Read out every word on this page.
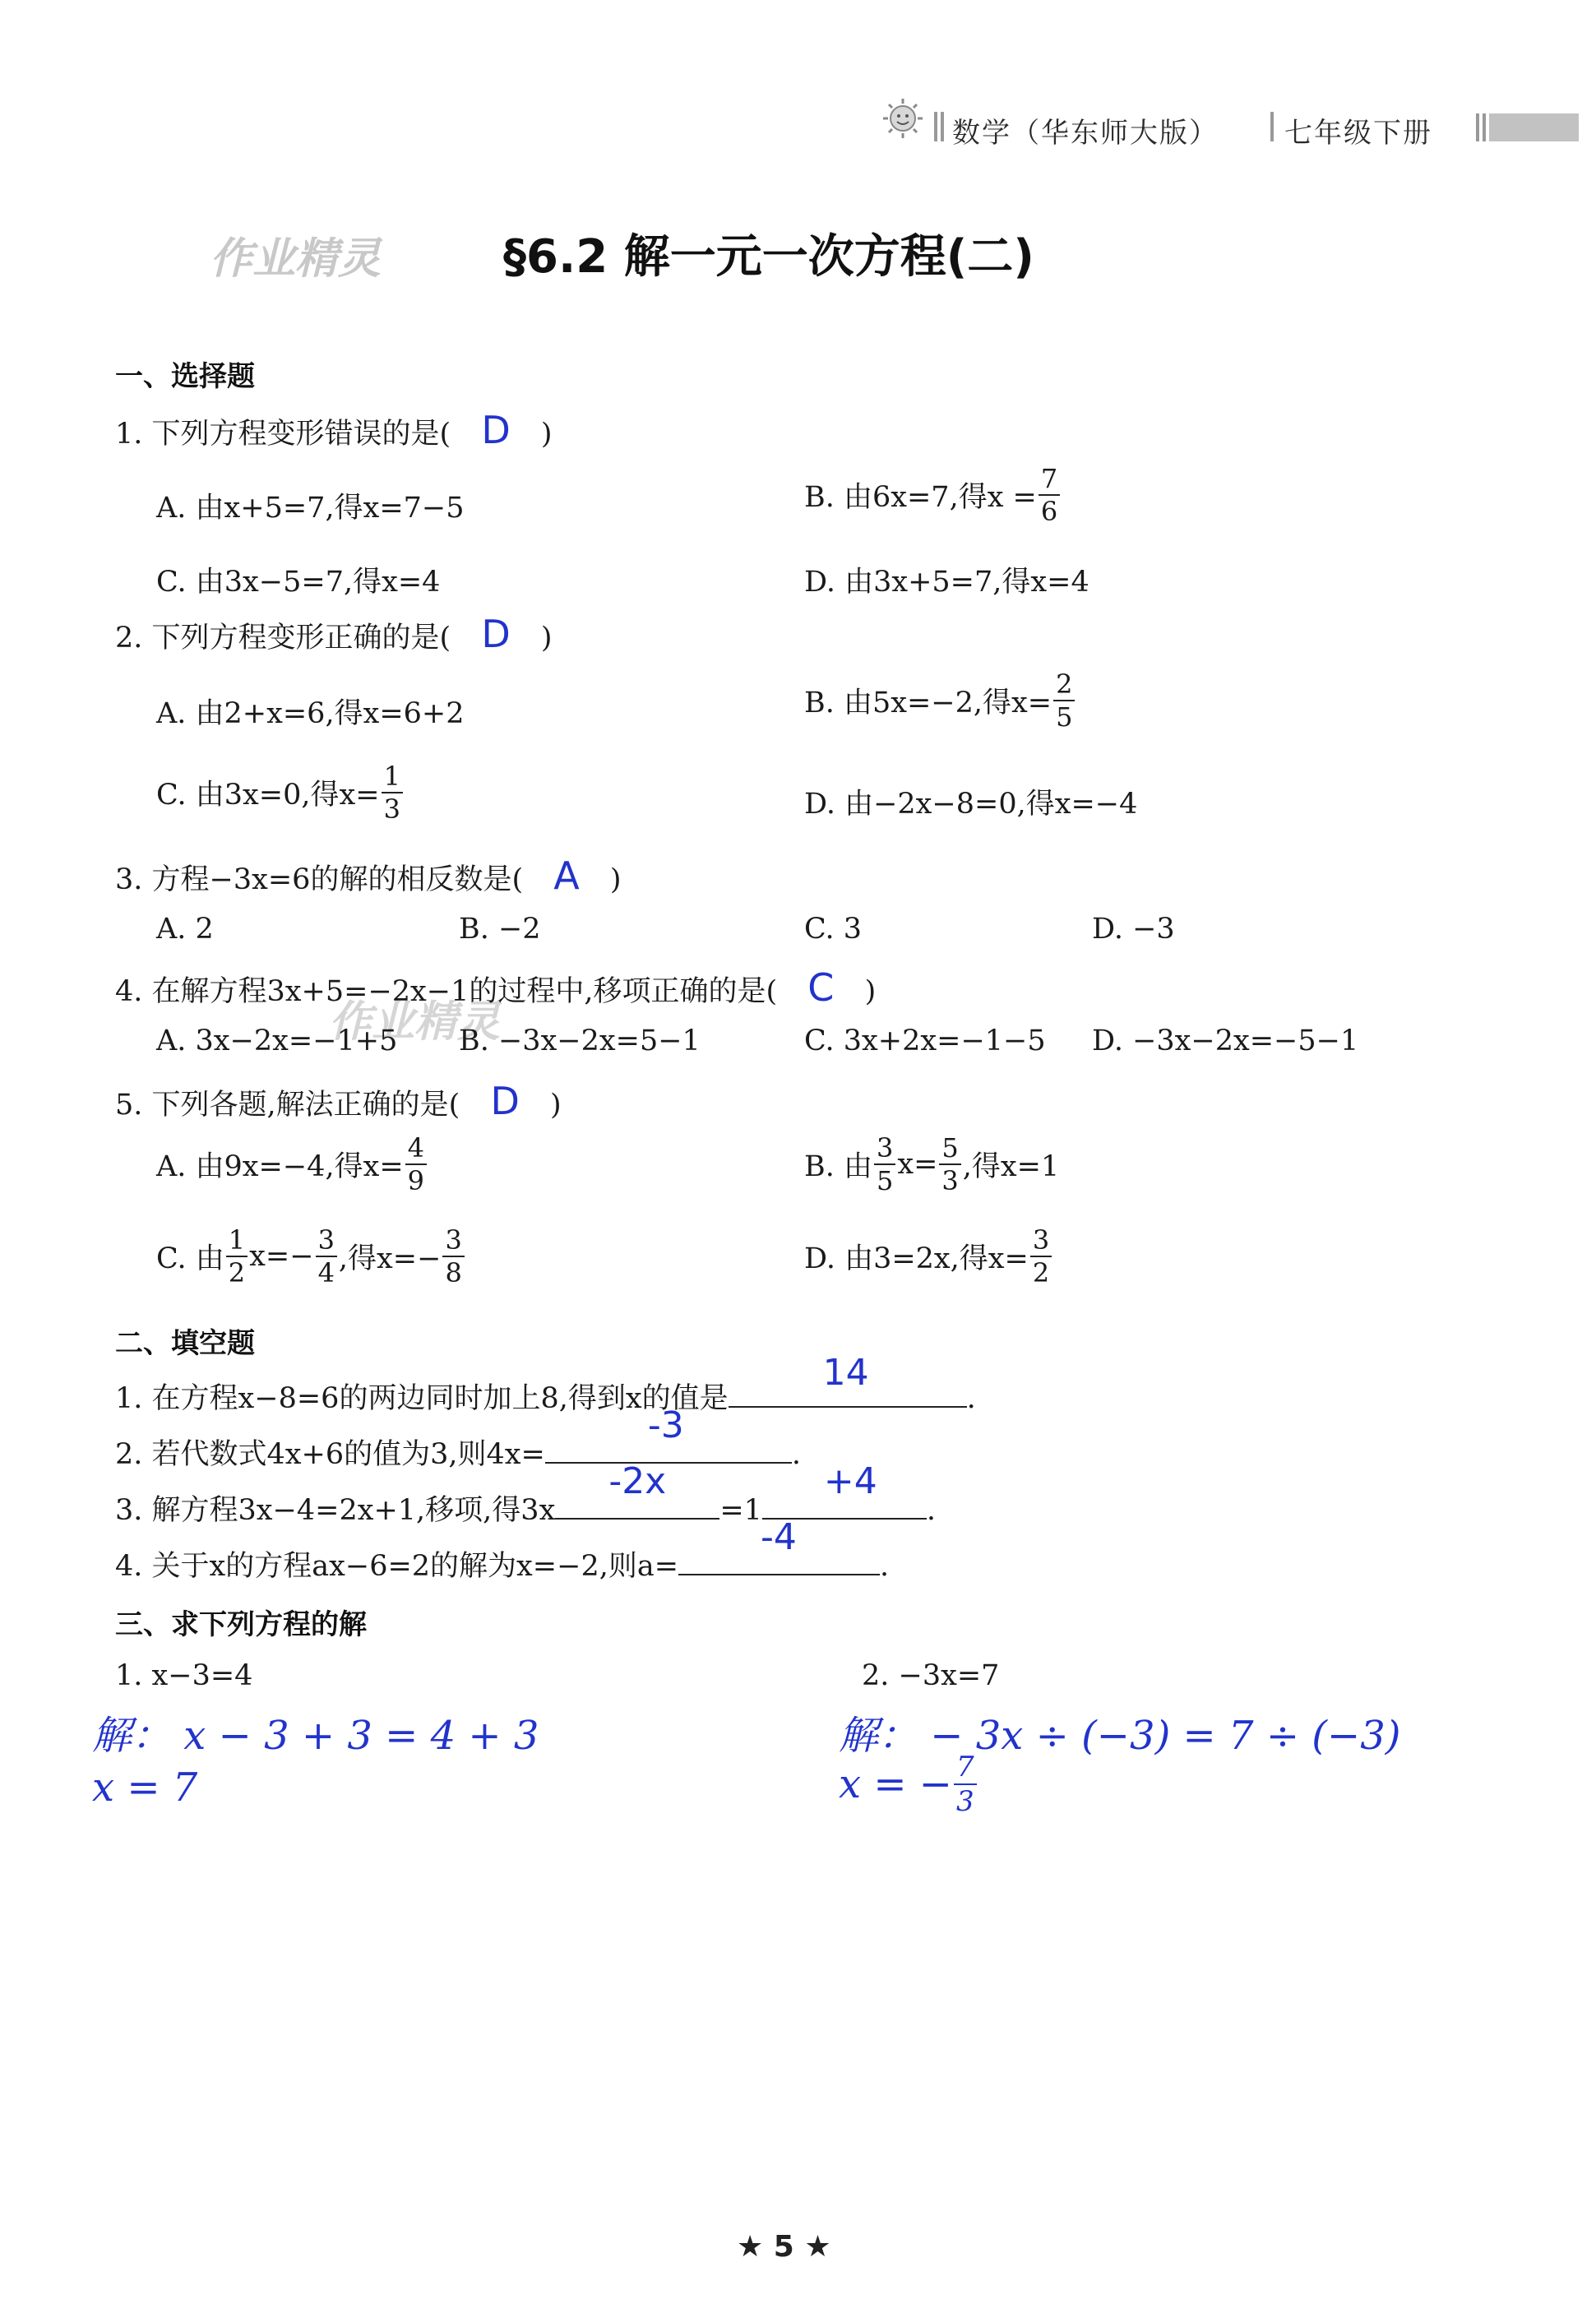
数学（华东师大版） 七年级下册
作业精灵
作业精灵
§6.2 解一元一次方程(二)
一、选择题
1. 下列方程变形错误的是( D )
A. 由x+5=7,得x=7−5	B. 由6x=7,得$x = \frac{7}{6}$
C. 由3x−5=7,得x=4	D. 由3x+5=7,得x=4
2. 下列方程变形正确的是( D )
A. 由2+x=6,得x=6+2	B. 由5x=−2,得$x= \frac{2}{5}$
C. 由3x=0,得$x= \frac{1}{3}$	D. 由−2x−8=0,得x=−4
3. 方程−3x=6的解的相反数是( A )
A. 2	B. −2	C. 3	D. −3
4. 在解方程3x+5=−2x−1的过程中,移项正确的是( C )
A. 3x−2x=−1+5 B. −3x−2x=5−1	C. 3x+2x=−1−5 D. −3x−2x=−5−1
5. 下列各题,解法正确的是( D )
A. 由9x=−4,得$x= \frac{4}{9}$	B. 由 $\frac{3}{5} x= \frac{5}{3}$ ,得x=1
C. 由 $\frac{1}{2} x=- \frac{3}{4}$ ,得$x=- \frac{3}{8}$	D. 由3=2x,得$x= \frac{3}{2}$
二、填空题
1. 在方程x−8=6的两边同时加上8,得到x的值是
14
.
2. 若代数式4x+6的值为3,则4x=
-3
.
3. 解方程3x−4=2x+1,移项,得3x
-2x
=1
+4
.
4. 关于x的方程ax−6=2的解为x=−2,则a=
-4
.
三、求下列方程的解
1. x−3=4	2. −3x=7
解： x − 3 + 3 = 4 + 3
x = 7
解： − 3x ÷ (−3) = 7 ÷ (−3)
x = − $\frac{7}{3}$
★ 5 ★
